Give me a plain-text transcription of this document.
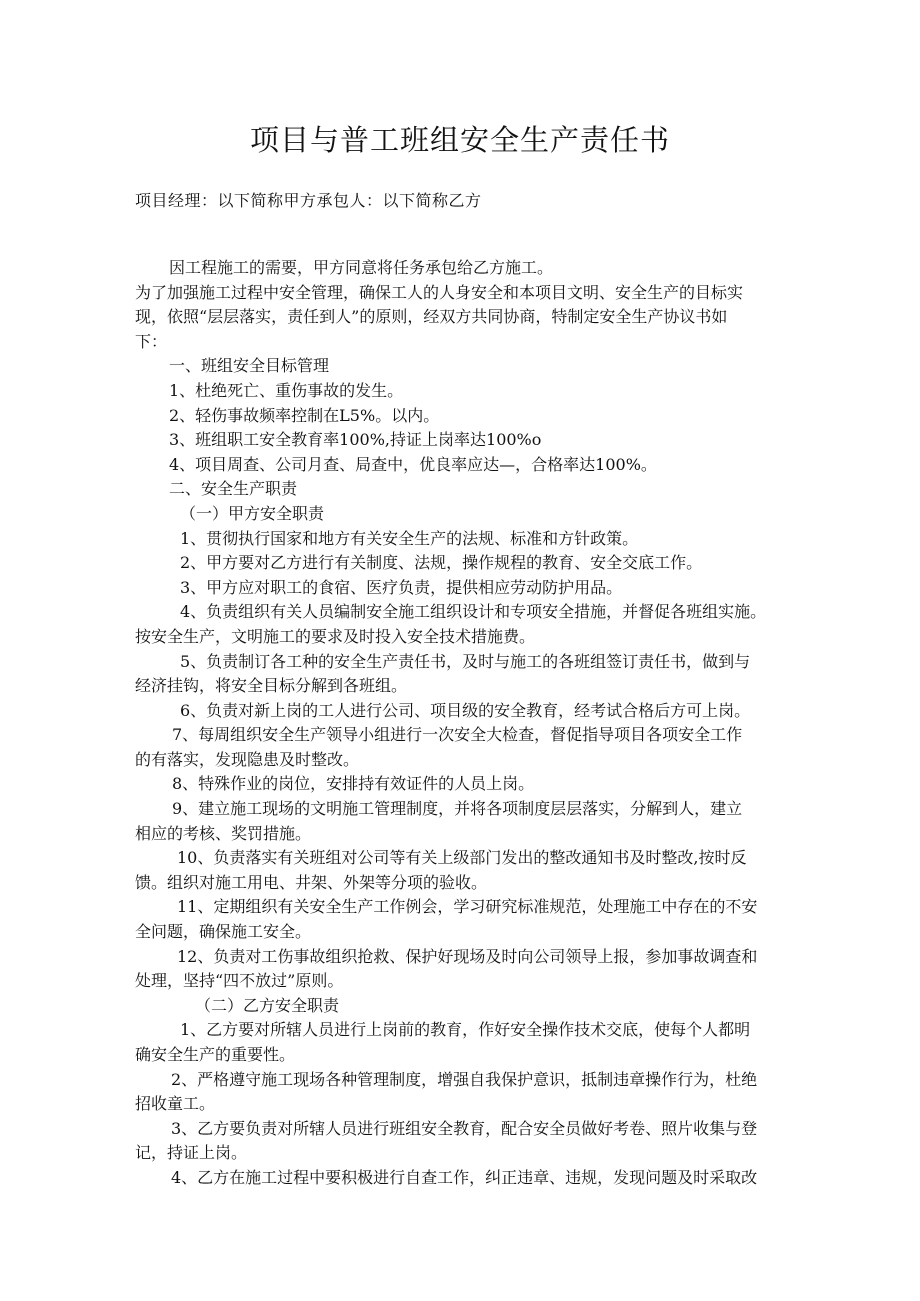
项目与普工班组安全生产责任书
项目经理：以下简称甲方承包人：以下简称乙方

因工程施工的需要，甲方同意将任务承包给乙方施工。

为了加强施工过程中安全管理，确保工人的人身安全和本项目文明、安全生产的目标实

现，依照“层层落实，责任到人”的原则，经双方共同协商，特制定安全生产协议书如

下：

一、班组安全目标管理

1、杜绝死亡、重伤事故的发生。

2、轻伤事故频率控制在L5%。以内。

3、班组职工安全教育率100%,持证上岗率达100%o

4、项目周查、公司月查、局查中，优良率应达—，合格率达100%。

二、安全生产职责

（一）甲方安全职责

1、贯彻执行国家和地方有关安全生产的法规、标准和方针政策。

2、甲方要对乙方进行有关制度、法规，操作规程的教育、安全交底工作。

3、甲方应对职工的食宿、医疗负责，提供相应劳动防护用品。

4、负责组织有关人员编制安全施工组织设计和专项安全措施，并督促各班组实施。

按安全生产，文明施工的要求及时投入安全技术措施费。

5、负责制订各工种的安全生产责任书，及时与施工的各班组签订责任书，做到与

经济挂钩，将安全目标分解到各班组。

6、负责对新上岗的工人进行公司、项目级的安全教育，经考试合格后方可上岗。

7、每周组织安全生产领导小组进行一次安全大检查，督促指导项目各项安全工作

的有落实，发现隐患及时整改。

8、特殊作业的岗位，安排持有效证件的人员上岗。

9、建立施工现场的文明施工管理制度，并将各项制度层层落实，分解到人，建立

相应的考核、奖罚措施。

10、负责落实有关班组对公司等有关上级部门发出的整改通知书及时整改,按时反

馈。组织对施工用电、井架、外架等分项的验收。

11、定期组织有关安全生产工作例会，学习研究标准规范，处理施工中存在的不安

全问题，确保施工安全。

12、负责对工伤事故组织抢救、保护好现场及时向公司领导上报，参加事故调查和

处理，坚持“四不放过”原则。

（二）乙方安全职责

1、乙方要对所辖人员进行上岗前的教育，作好安全操作技术交底，使每个人都明

确安全生产的重要性。

2、严格遵守施工现场各种管理制度，增强自我保护意识，抵制违章操作行为，杜绝

招收童工。

3、乙方要负责对所辖人员进行班组安全教育，配合安全员做好考卷、照片收集与登

记，持证上岗。

4、乙方在施工过程中要积极进行自查工作，纠正违章、违规，发现问题及时采取改
